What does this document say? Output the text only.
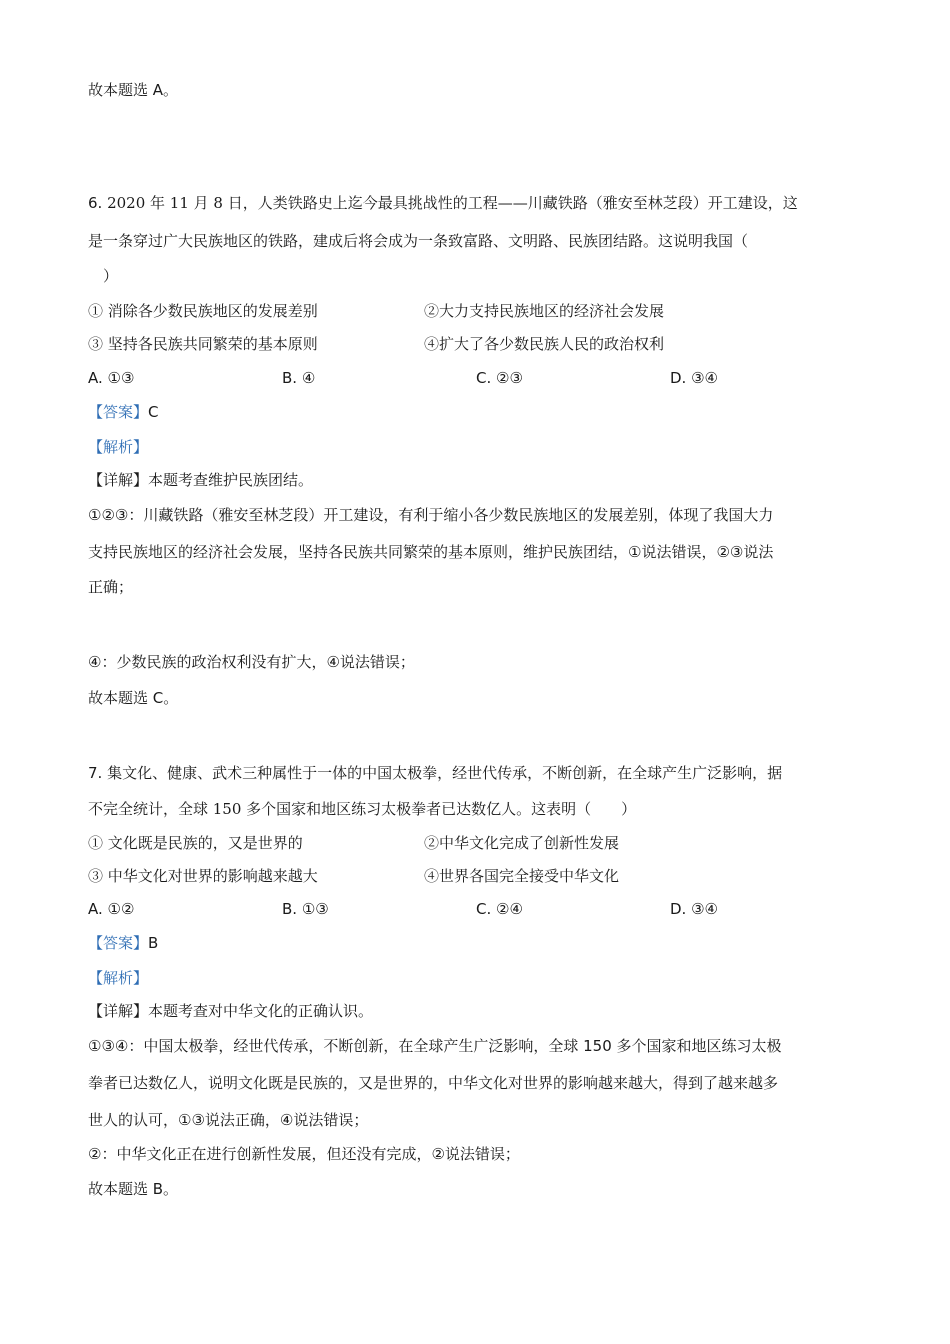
故本题选 A。
6. 2020 年 11 月 8 日，人类铁路史上迄今最具挑战性的工程——川藏铁路（雅安至林芝段）开工建设，这
是一条穿过广大民族地区的铁路，建成后将会成为一条致富路、文明路、民族团结路。这说明我国（
　）
① 消除各少数民族地区的发展差别	②大力支持民族地区的经济社会发展
③ 坚持各民族共同繁荣的基本原则	④扩大了各少数民族人民的政治权利
A. ①③	B. ④	C. ②③	D. ③④
【答案】C
【解析】
【详解】本题考查维护民族团结。
①②③：川藏铁路（雅安至林芝段）开工建设，有利于缩小各少数民族地区的发展差别，体现了我国大力
支持民族地区的经济社会发展，坚持各民族共同繁荣的基本原则，维护民族团结，①说法错误，②③说法
正确；
④：少数民族的政治权利没有扩大，④说法错误；
故本题选 C。
7. 集文化、健康、武术三种属性于一体的中国太极拳，经世代传承，不断创新，在全球产生广泛影响，据
不完全统计，全球 150 多个国家和地区练习太极拳者已达数亿人。这表明（　　）
① 文化既是民族的，又是世界的	②中华文化完成了创新性发展
③ 中华文化对世界的影响越来越大	④世界各国完全接受中华文化
A. ①②	B. ①③	C. ②④	D. ③④
【答案】B
【解析】
【详解】本题考查对中华文化的正确认识。
①③④：中国太极拳，经世代传承，不断创新，在全球产生广泛影响，全球 150 多个国家和地区练习太极
拳者已达数亿人，说明文化既是民族的，又是世界的，中华文化对世界的影响越来越大，得到了越来越多
世人的认可，①③说法正确，④说法错误；
②：中华文化正在进行创新性发展，但还没有完成，②说法错误；
故本题选 B。
